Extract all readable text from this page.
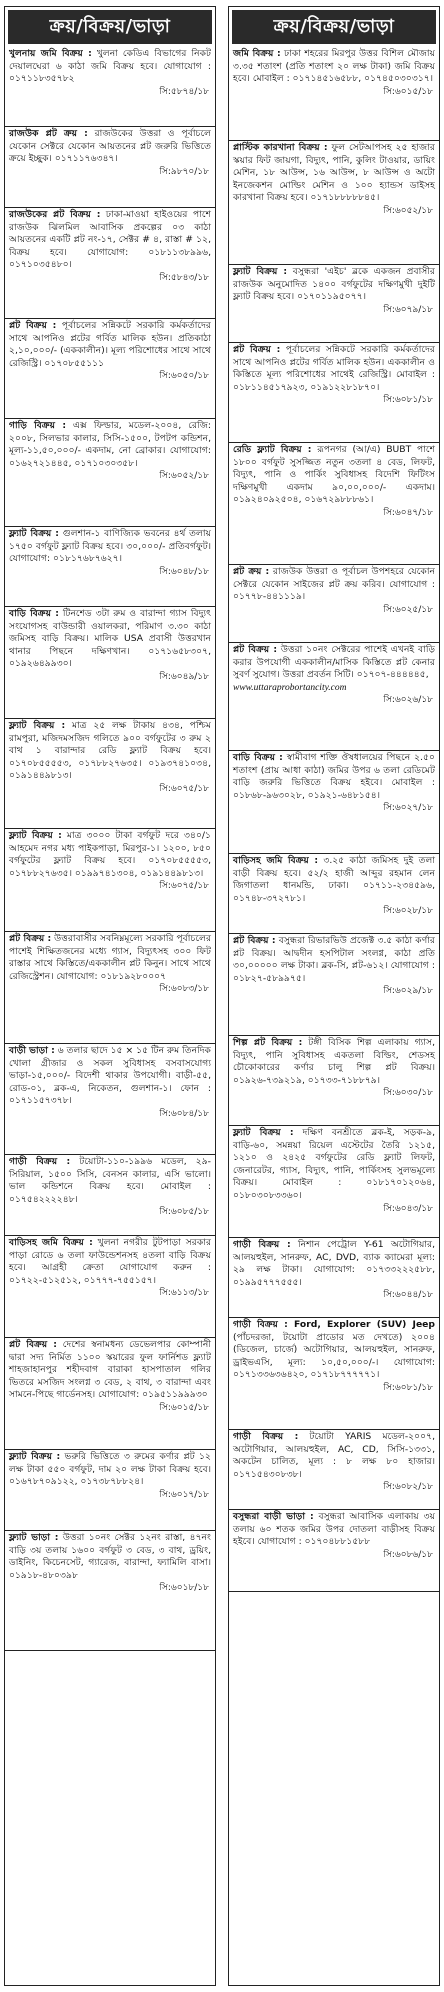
ক্রয়/বিক্রয়/ভাড়া

খুলনায় জমি বিক্রয় : খুলনা কেডিএ বিভাগের নিকট দেয়ালঘেরা ৬ কাঠা জমি বিক্রয় হবে। যোগাযোগ : ০১৭১১৮৩৫৭৮২

সি:৫৮৭৪/১৮

রাজউক প্লট ক্রয় : রাজউকের উত্তরা ও পূর্বাচলে যেকোন সেক্টরে যেকোন আয়তনের প্লট জরুরি ভিত্তিতে ক্রয়ে ইচ্ছুক। ০১৭১১৭৬৩৪৭।

সি:৯৮৭০/১৮

রাজউকের প্লট বিক্রয় : ঢাকা-মাওয়া হাইওয়ের পাশে রাজউক ঝিলমিল আবাসিক প্রকল্পের ০৩ কাঠা আয়তনের একটি প্লট নং-১৭, সেক্টর # ৪, রাস্তা # ১২, বিক্রয় হবে। যোগাযোগ: ০১৮১১৩৮৯৯৬, ০১৭১০৩৫৪৮০।

সি:৫৮৪৩/১৮

প্লট বিক্রয় : পূর্বাচলের সন্নিকটে সরকারি কর্মকর্তাদের সাথে আপনিও প্লটের গর্বিত মালিক হউন। প্রতিকাঠা ২,১০,০০০/- (এককালীন)। মূল্য পরিশোধের সাথে সাথে রেজিস্ট্রি। ০১৭০৮৫৫১১১

সি:৬০৫০/১৮

গাড়ি বিক্রয় : এক্স ফিল্ডার, মডেল-২০০৪, রেজি: ২০০৮, সিলভার কালার, সিসি-১৫০০, টপটপ কন্ডিশন, মূল্য-১১,৫০,০০০/- একদাম, নো ব্রোকার। যোগাযোগ: ০১৬২৭২১৪৪৫, ০১৭১০৩০৩৫৮।

সি:৬০৫২/১৮

ফ্ল্যাট বিক্রয় : গুলশান-১ বাণিজ্যিক ভবনের ৪র্থ তলায় ১৭৫০ বর্গফুট ফ্ল্যাট বিক্রয় হবে। ৩০,০০০/- প্রতিবর্গফুট। যোগাযোগ: ০১৮১৭৬৮৭৬২৭।

সি:৬০৪৮/১৮

বাড়ি বিক্রয় : টিনশেড ৩টা রুম ও বারান্দা গ্যাস বিদ্যুৎ সংযোগসহ বাউন্ডারী ওয়ালকরা, পরিমাণ ৩.৩০ কাঠা জমিসহ বাড়ি বিক্রয়। মালিক USA প্রবাসী উত্তরখান থানার পিছনে দক্ষিণখান। ০১৭১৬৫৮৩০৭, ০১৯২৬৪৯৯৩০।

সি:৬০৪৯/১৮

ফ্ল্যাট বিক্রয় : মাত্র ২৫ লক্ষ টাকায় ৪৩৪, পশ্চিম রামপুরা, মজিদমসজিদ গলিতে ৯০০ বর্গফুটের ৩ রুম ২ বাথ ১ বারান্দার রেডি ফ্ল্যাট বিক্রয় হবে। ০১৭০৮৫৫৫৫৩, ০১৭৮৮২৭৬৩৫। ০১৯৩৭৪১০৩৪, ০১৯১৪৪৯৮১৩।

সি:৬০৭৫/১৮

ফ্ল্যাট বিক্রয় : মাত্র ৩০০০ টাকা বর্গফুট দরে ৩৪০/১ আহমেদ নগর মধ্য পাইকপাড়া, মিরপুর-১। ১২০০, ৮৫০ বর্গফুটের ফ্ল্যাট বিক্রয় হবে। ০১৭০৮৫৫৫৫৩, ০১৭৮৮২৭৬৩৫। ০১৯৯৭৪১৩০৪, ০১৯১৪৪৯৮১৩।

সি:৬০৭৫/১৮

প্লট বিক্রয় : উত্তরাবাসীর সবনিম্নমূল্যে সরকারি পূর্বাচলের পাশেই শিক্ষিতজনের মধ্যে গ্যাস, বিদ্যুৎসহ ৩০০ ফিট রাস্তার সাথে কিস্তিতে/এককালীন প্লট কিনুন। সাথে সাথে রেজিস্ট্রেশন। যোগাযোগ: ০১৮১৯২৮০০০৭

সি:৬০৮৩/১৮

বাড়ী ভাড়া : ৬ তলার ছাদে ১৫ × ১৫ টিন রুম তিনদিক খোলা গ্রীজার ও সকল সুবিধাসহ বসবাসযোগ্য ভাড়া-১৫,০০০/- বিদেশী থাকার উপযোগী। বাড়ী-৫৫, রোড-০১, ব্লক-এ, নিকেতন, গুলশান-১। ফোন : ০১৭১১৫৭৩৭৮।

সি:৬০৮৪/১৮

গাড়ী বিক্রয় : টয়োটা-১১০-১৯৯৬ মডেল, ২৯-সিরিয়াল, ১৫০০ সিসি, বেনসন কালার, এসি ভালো। ভাল কন্ডিশনে বিক্রয় হবে। মোবাইল : ০১৭৫৪২২২২৪৮।

সি:৬০৮৫/১৮

বাড়িসহ জমি বিক্রয় : খুলনা নগরীর টুটপাড়া সরকার পাড়া রোডে ৬ তলা ফাউন্ডেশনসহ ৪তলা বাড়ি বিক্রয় হবে। আগ্রহী ক্রেতা যোগাযোগ করুন : ০১৭২২-৫১২৫১২, ০১৭৭৭-৭৫৫১৫৭।

সি:৬১১৩/১৮

প্লট বিক্রয় : দেশের স্বনামধন্য ডেভেলপার কোম্পানী দ্বারা সদ্য নির্মিত ১১০০ স্কয়ারের ফুল ফার্নিশড ফ্ল্যাট শাহজাহানপুর শহীদবাগ বারাকা হাসপাতাল গলির ভিতরে মসজিদ সংলগ্ন ৩ বেড, ২ বাথ, ৩ বারান্দা এবং সামনে-পিছে গার্ডেনসহ। যোগাযোগ: ০১৯৫১১৯৯৯৩০

সি:৬০১৫/১৮

ফ্ল্যাট বিক্রয় : ভরুরি ভিত্তিতে ৩ রুমের কর্ণার প্লট ১২ লক্ষ টাকা ৫৫০ বর্গফুট, দাম ২০ লক্ষ টাকা বিক্রয় হবে। ০১৬৭৮৭০৯১২২, ০১৭৩৮৭৮৮২৪।

সি:৬০১৭/১৮

ফ্ল্যাট ভাড়া : উত্তরা ১০নং সেক্টর ১২নং রাস্তা, ৪৭নং বাড়ি ৩য় তলায় ১৬০০ বর্গফুট ৩ বেড, ৩ বাথ, ড্রয়িং, ডাইনিং, কিচেনসেট, গ্যারেজ, বারান্দা, ফ্যামিলি বাসা। ০১৯১৮-৪৮০৩৯৮

সি:৬০১৮/১৮

ক্রয়/বিক্রয়/ভাড়া

জমি বিক্রয় : ঢাকা শহরের মিরপুর উত্তর বিশিল মৌজায় ৩.৩৫ শতাংশ (প্রতি শতাংশ ২০ লক্ষ টাকা) জমি বিক্রয় হবে। মোবাইল : ০১৭১৪৫১৬৫৮৮, ০১৭৪৫০৩০৩১৭।

সি:৬০১৫/১৮

প্লাস্টিক কারখানা বিক্রয় : ফুল সেটআপসহ ২৫ হাজার স্কয়ার ফিট জায়গা, বিদ্যুৎ, পানি, কুলিং টাওয়ার, ডায়িং মেশিন, ১৮ আউন্স, ১৬ আউন্স, ৮ আউন্স ও অটো ইনজেকশন মোল্ডিং মেশিন ও ১০০ হ্যান্ডস ডাইসহ কারখানা বিক্রয় হবে। ০১৭১৮৮৮৮৮৪৫।

সি:৬০৫২/১৮

ফ্ল্যাট বিক্রয় : বসুন্ধরা 'এইচ' ব্লকে একজন প্রবাসীর রাজউক অনুমোদিত ১৪০০ বর্গফুটের দক্ষিণমুখী দুইটি ফ্ল্যাট বিক্রয় হবে। ০১৭০১১৯৫০৭৭।

সি:৬০৭৯/১৮

প্লট বিক্রয় : পূর্বাচলের সন্নিকটে সরকারি কর্মকর্তাদের সাথে আপনিও প্লটের গর্বিত মালিক হউন। এককালীন ও কিস্তিতে মূল্য পরিশোধের সাথেই রেজিস্ট্রি। মোবাইল : ০১৮১১৪৫১৭৯২৩, ০১৯১২২৮১৮৭০।

সি:৬০৮১/১৮

রেডি ফ্ল্যাট বিক্রয় : রূপনগর (আ/এ) BUBT পাশে ১৮০০ বর্গফুট সুসজ্জিত নতুন ৩তলা ৪ বেড, লিফট, বিদ্যুৎ, পানি ও পার্কিং সুবিধাসহ বিদেশি ফিটিংস দক্ষিণমুখী একদাম ৯০,০০,০০০/- একদাম। ০১৯২৪০৯২৫০৪, ০১৬৭২৯৮৮৮৬১।

সি:৬০৪৭/১৮

প্লট ক্রয় : রাজউক উত্তরা ও পূর্বাচল উপশহরে যেকোন সেক্টরে যেকোন সাইজের প্লট ক্রয় করিব। যোগাযোগ : ০১৭৭৮-৪৪১১১৯।

সি:৬০২৫/১৮

প্লট বিক্রয় : উত্তরা ১০নং সেক্টরের পাশেই এখনই বাড়ি করার উপযোগী এককালীন/মাসিক কিস্তিতে প্লট কেনার সুবর্ণ সুযোগ। উত্তরা প্রবর্তন সিটি। ০১৭০৭-৪৪৪৪৪৫,
www.uttaraprobortancity.com

সি:৬০২৬/১৮

বাড়ি বিক্রয় : স্বামীবাগ শক্তি ঔষধালয়ের পিছনে ২.৫০ শতাংশ (প্রায় আধা কাঠা) জমির উপর ৬ তলা রেডিমেট বাড়ি জরুরি ভিত্তিতে বিক্রয় হইবে। মোবাইল : ০১৮৬৮-৯৬৩০২৮, ০১৯২১-৬৪৮১৫৪।

সি:৬০২৭/১৮

বাড়িসহ জমি বিক্রয় : ৩.২৫ কাঠা জমিসহ দুই তলা বাড়ী বিক্রয় হবে। ৫২/২ হাজী আব্দুর রহমান লেন জিগাতলা ধানমন্ডি, ঢাকা। ০১৭১১-২৩৪৫৯৬, ০১৭৪৮-৩৭২৭৮১।

সি:৬০২৮/১৮

প্লট বিক্রয় : বসুন্ধরা রিভারভিউ প্রজেক্ট ৩.৫ কাঠা কর্ণার প্লট বিক্রয়। আদ্বদীন হসপিটাল সংলগ্ন, কাঠা প্রতি ৩০,০০০০০ লক্ষ টাকা। ব্লক-সি, প্লট-৬১২। যোগাযোগ : ০১৮২৭-৫৮৯৯৭৫।

সি:৬০২৯/১৮

শিল্প প্লট বিক্রয় : টঙ্গী বিসিক শিল্প এলাকায় গ্যাস, বিদ্যুৎ, পানি সুবিধাসহ একতলা বিল্ডিং, শেডসহ চৌকোকারের কর্ণার চালু শিল্প প্লট বিক্রয়। ০১৯২৬-৭৩৯২১৯, ০১৭৩৩-৭১৮৮৭৯।

সি:৬০৩০/১৮

ফ্ল্যাট বিক্রয় : দক্ষিণ বনশ্রীতে ব্লক-ই, সড়ক-৯, বাড়ি-৬০, সমন্নয়া রিয়েল এস্টেটের তৈরি ১২১৫, ১২১০ ও ২৪২৫ বর্গফুটের রেডি ফ্ল্যাট লিফট, জেনারেটর, গ্যাস, বিদ্যুৎ, পানি, পার্কিংসহ সুলভমূল্যে বিক্রয়। মোবাইল : ০১৮১৭০১২০৬৪, ০১৮০৩০৮৩৩৬০।

সি:৬০৪৩/১৮

গাড়ী বিক্রয় : নিশান পেট্রোল Y-61 অটোগিয়ার, আলয়হুইল, সানরুফ, AC, DVD, ব্যাক ক্যামেরা মূল্য: ২৯ লক্ষ টাকা। যোগাযোগ: ০১৭৩৩২২২৫৮৮, ০১৯৯৫৭৭৭৫৫৫।

সি:৬০৪৪/১৮

গাড়ী বিক্রয় : Ford, Explorer (SUV) Jeep (পাঁচদরজা, টয়োটা প্রাডোর মত দেখতে) ২০০৪ (ডিজেল, চার্জে) অটোগিয়ার, আলয়হুইল, সানরুফ, ড্রাইভএসি, মূল্য: ১০,৫০,০০০/-। যোগাযোগ: ০১৭১৩৩৬৩৬৪২০, ০১৭১৮৭৭৭৭৭১।

সি:৬০৮১/১৮

গাড়ী বিক্রয় : টয়োটা YARIS মডেল-২০০৭, অটোগিয়ার, আলয়হুইল, AC, CD, সিসি-১৩৩১, অকটেন চালিত, মূল্য : ৮ লক্ষ ৮০ হাজার। ০১৭১৫৪৩০৮৩৮।

সি:৬০৮২/১৮

বসুন্ধরা বাড়ী ভাড়া : বসুন্ধরা আবাসিক এলাকায় ৩য় তলায় ৬০ শতক জমির উপর দোতলা বাড়ীসহ বিক্রয় হইবে। যোগাযোগ : ০১৭০৪৮৮১৫৮৮

সি:৬০৮৬/১৮
